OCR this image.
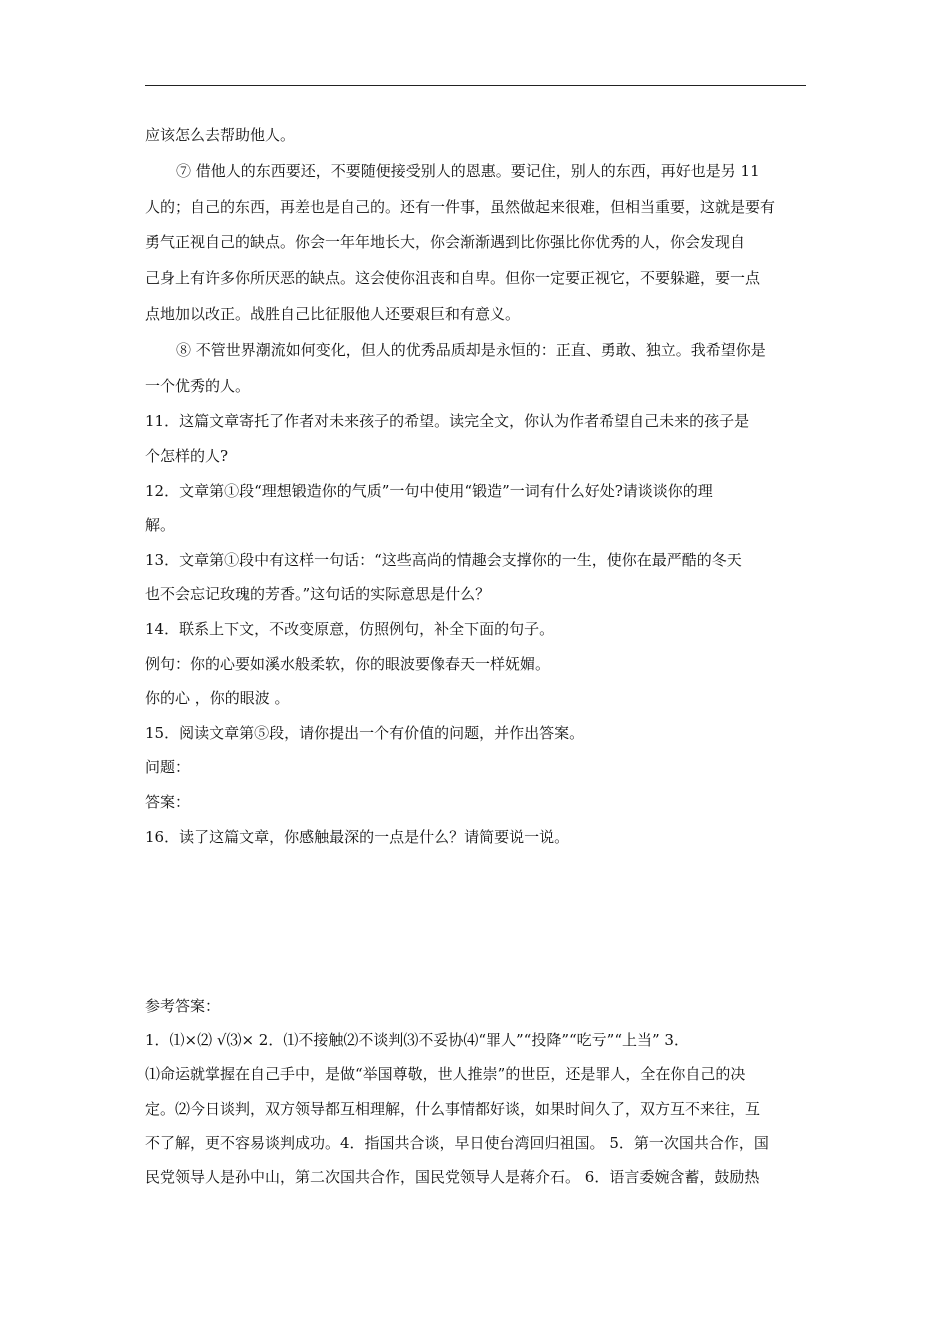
应该怎么去帮助他人。

⑦ 借他人的东西要还，不要随便接受别人的恩惠。要记住，别人的东西，再好也是另 11

人的；自己的东西，再差也是自己的。还有一件事，虽然做起来很难，但相当重要，这就是要有

勇气正视自己的缺点。你会一年年地长大，你会渐渐遇到比你强比你优秀的人，你会发现自

己身上有许多你所厌恶的缺点。这会使你沮丧和自卑。但你一定要正视它，不要躲避，要一点

点地加以改正。战胜自己比征服他人还要艰巨和有意义。

⑧ 不管世界潮流如何变化，但人的优秀品质却是永恒的：正直、勇敢、独立。我希望你是

一个优秀的人。

11．这篇文章寄托了作者对未来孩子的希望。读完全文，你认为作者希望自己未来的孩子是

个怎样的人?

12．文章第①段“理想锻造你的气质”一句中使用“锻造”一词有什么好处?请谈谈你的理

解。

13．文章第①段中有这样一句话：“这些高尚的情趣会支撑你的一生，使你在最严酷的冬天

也不会忘记玫瑰的芳香。”这句话的实际意思是什么？

14．联系上下文，不改变原意，仿照例句，补全下面的句子。

例句：你的心要如溪水般柔软，你的眼波要像春天一样妩媚。

你的心 ，你的眼波 。

15．阅读文章第⑤段，请你提出一个有价值的问题，并作出答案。

问题：

答案：

16．读了这篇文章，你感触最深的一点是什么？请简要说一说。

参考答案：

1．⑴×⑵ √⑶× 2．⑴不接触⑵不谈判⑶不妥协⑷“罪人”“投降”“吃亏”“上当” 3．

⑴命运就掌握在自己手中，是做“举国尊敬，世人推崇”的世臣，还是罪人，全在你自己的决

定。⑵今日谈判，双方领导都互相理解，什么事情都好谈，如果时间久了，双方互不来往，互

不了解，更不容易谈判成功。4．指国共合谈，早日使台湾回归祖国。 5．第一次国共合作，国

民党领导人是孙中山，第二次国共合作，国民党领导人是蒋介石。 6．语言委婉含蓄，鼓励热
